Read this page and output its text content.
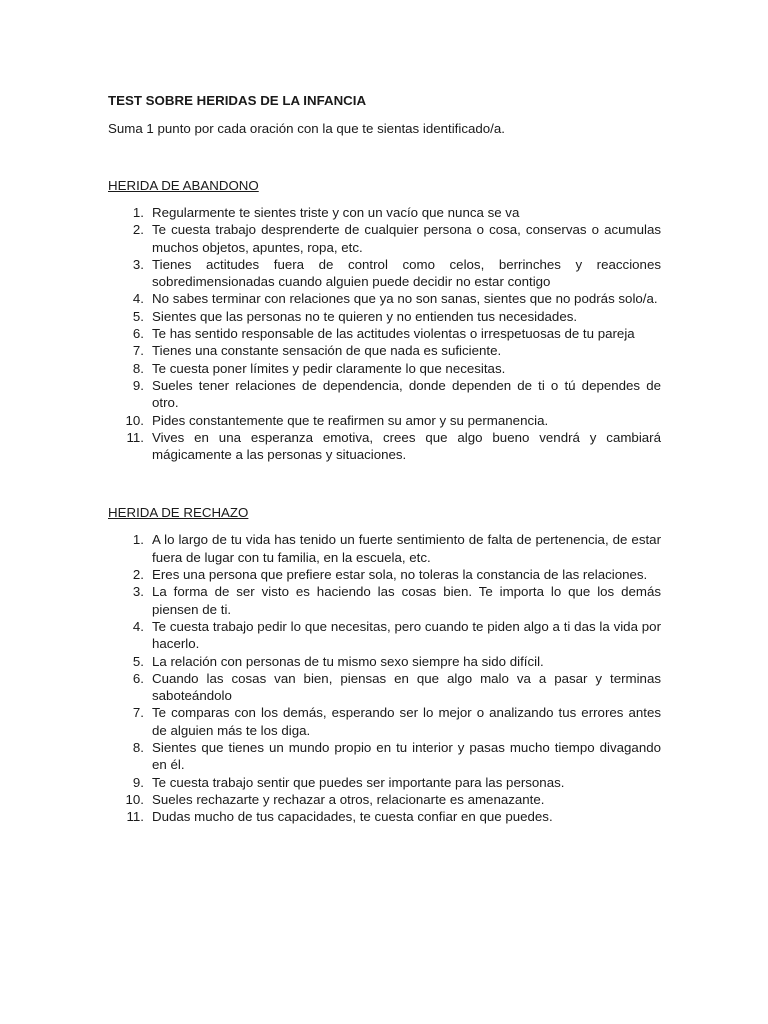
TEST SOBRE HERIDAS DE LA INFANCIA

Suma 1 punto por cada oración con la que te sientas identificado/a.

HERIDA DE ABANDONO

1. Regularmente te sientes triste y con un vacío que nunca se va
2. Te cuesta trabajo desprenderte de cualquier persona o cosa, conservas o acumulas muchos objetos, apuntes, ropa, etc.
3. Tienes actitudes fuera de control como celos, berrinches y reacciones sobredimensionadas cuando alguien puede decidir no estar contigo
4. No sabes terminar con relaciones que ya no son sanas, sientes que no podrás solo/a.
5. Sientes que las personas no te quieren y no entienden tus necesidades.
6. Te has sentido responsable de las actitudes violentas o irrespetuosas de tu pareja
7. Tienes una constante sensación de que nada es suficiente.
8. Te cuesta poner límites y pedir claramente lo que necesitas.
9. Sueles tener relaciones de dependencia, donde dependen de ti o tú dependes de otro.
10. Pides constantemente que te reafirmen su amor y su permanencia.
11. Vives en una esperanza emotiva, crees que algo bueno vendrá y cambiará mágicamente a las personas y situaciones.

HERIDA DE RECHAZO

1. A lo largo de tu vida has tenido un fuerte sentimiento de falta de pertenencia, de estar fuera de lugar con tu familia, en la escuela, etc.
2. Eres una persona que prefiere estar sola, no toleras la constancia de las relaciones.
3. La forma de ser visto es haciendo las cosas bien. Te importa lo que los demás piensen de ti.
4. Te cuesta trabajo pedir lo que necesitas, pero cuando te piden algo a ti das la vida por hacerlo.
5. La relación con personas de tu mismo sexo siempre ha sido difícil.
6. Cuando las cosas van bien, piensas en que algo malo va a pasar y terminas saboteándolo
7. Te comparas con los demás, esperando ser lo mejor o analizando tus errores antes de alguien más te los diga.
8. Sientes que tienes un mundo propio en tu interior y pasas mucho tiempo divagando en él.
9. Te cuesta trabajo sentir que puedes ser importante para las personas.
10. Sueles rechazarte y rechazar a otros, relacionarte es amenazante.
11. Dudas mucho de tus capacidades, te cuesta confiar en que puedes.
